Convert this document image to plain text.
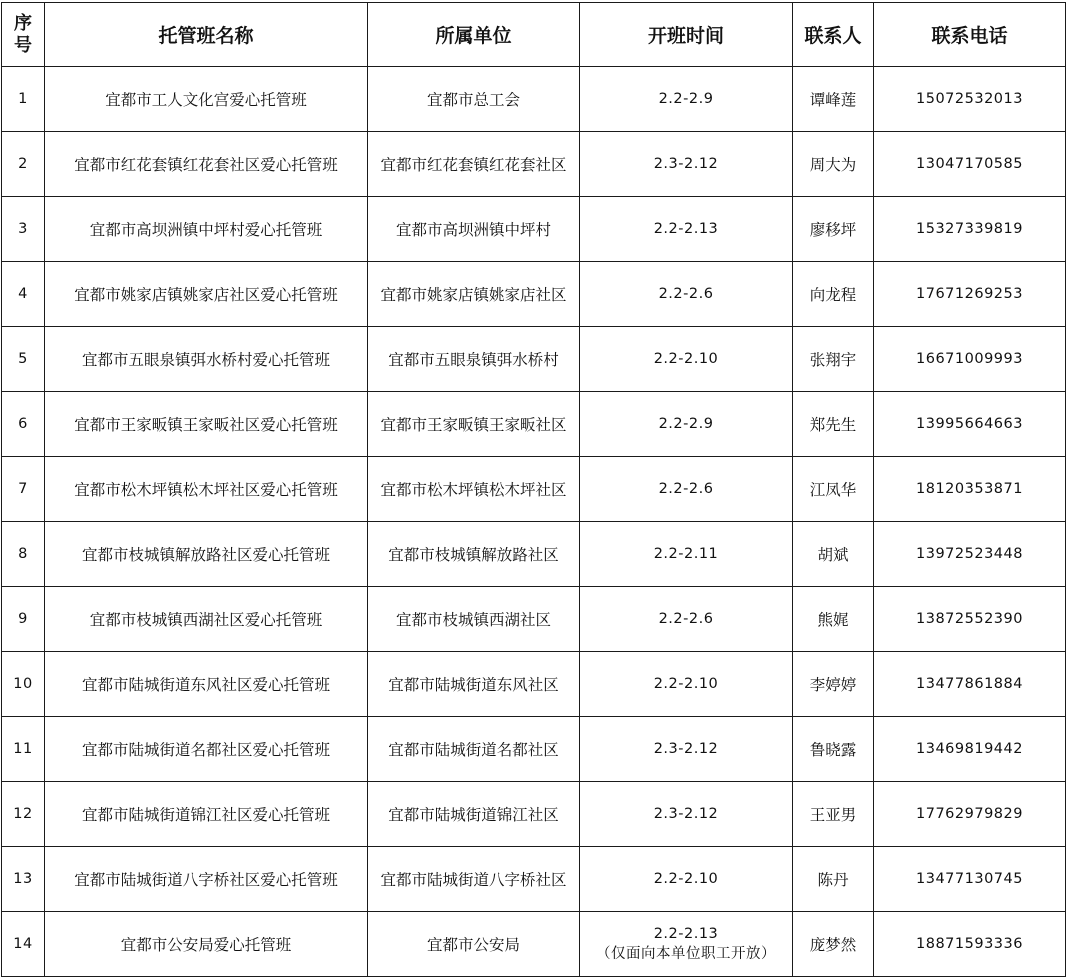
序
号	托管班名称	所属单位	开班时间	联系人	联系电话
1	宜都市工人文化宫爱心托管班	宜都市总工会	2.2-2.9	谭峰莲	15072532013
2	宜都市红花套镇红花套社区爱心托管班	宜都市红花套镇红花套社区	2.3-2.12	周大为	13047170585
3	宜都市高坝洲镇中坪村爱心托管班	宜都市高坝洲镇中坪村	2.2-2.13	廖移坪	15327339819
4	宜都市姚家店镇姚家店社区爱心托管班	宜都市姚家店镇姚家店社区	2.2-2.6	向龙程	17671269253
5	宜都市五眼泉镇弭水桥村爱心托管班	宜都市五眼泉镇弭水桥村	2.2-2.10	张翔宇	16671009993
6	宜都市王家畈镇王家畈社区爱心托管班	宜都市王家畈镇王家畈社区	2.2-2.9	郑先生	13995664663
7	宜都市松木坪镇松木坪社区爱心托管班	宜都市松木坪镇松木坪社区	2.2-2.6	江凤华	18120353871
8	宜都市枝城镇解放路社区爱心托管班	宜都市枝城镇解放路社区	2.2-2.11	胡斌	13972523448
9	宜都市枝城镇西湖社区爱心托管班	宜都市枝城镇西湖社区	2.2-2.6	熊娓	13872552390
10	宜都市陆城街道东风社区爱心托管班	宜都市陆城街道东风社区	2.2-2.10	李婷婷	13477861884
11	宜都市陆城街道名都社区爱心托管班	宜都市陆城街道名都社区	2.3-2.12	鲁晓露	13469819442
12	宜都市陆城街道锦江社区爱心托管班	宜都市陆城街道锦江社区	2.3-2.12	王亚男	17762979829
13	宜都市陆城街道八字桥社区爱心托管班	宜都市陆城街道八字桥社区	2.2-2.10	陈丹	13477130745
14	宜都市公安局爱心托管班	宜都市公安局	2.2-2.13
（仅面向本单位职工开放）	庞梦然	18871593336
